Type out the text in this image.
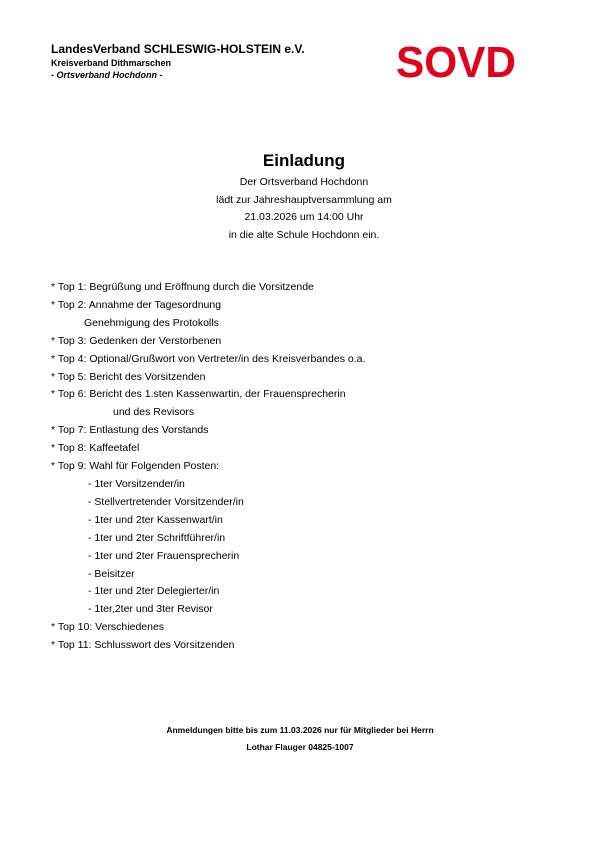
LandesVerband SCHLESWIG-HOLSTEIN e.V.
Kreisverband Dithmarschen
- Ortsverband Hochdonn -	SOVD
Einladung
Der Ortsverband Hochdonn
lädt zur Jahreshauptversammlung am
21.03.2026 um 14:00 Uhr
in die alte Schule Hochdonn ein.
* Top 1: Begrüßung und Eröffnung durch die Vorsitzende
* Top 2: Annahme der Tagesordnung
Genehmigung des Protokolls
* Top 3: Gedenken der Verstorbenen
* Top 4: Optional/Grußwort von Vertreter/in des Kreisverbandes o.a.
* Top 5: Bericht des Vorsitzenden
* Top 6: Bericht des 1.sten Kassenwartin, der Frauensprecherin
und des Revisors
* Top 7: Entlastung des Vorstands
* Top 8: Kaffeetafel
* Top 9: Wahl für Folgenden Posten:
- 1ter Vorsitzender/in
- Stellvertretender Vorsitzender/in
- 1ter und 2ter Kassenwart/in
- 1ter und 2ter Schriftführer/in
- 1ter und 2ter Frauensprecherin
- Beisitzer
- 1ter und 2ter Delegierter/in
- 1ter,2ter und 3ter Revisor
* Top 10: Verschiedenes
* Top 11: Schlusswort des Vorsitzenden
Anmeldungen bitte bis zum 11.03.2026 nur für Mitglieder bei Herrn
Lothar Flauger 04825-1007
